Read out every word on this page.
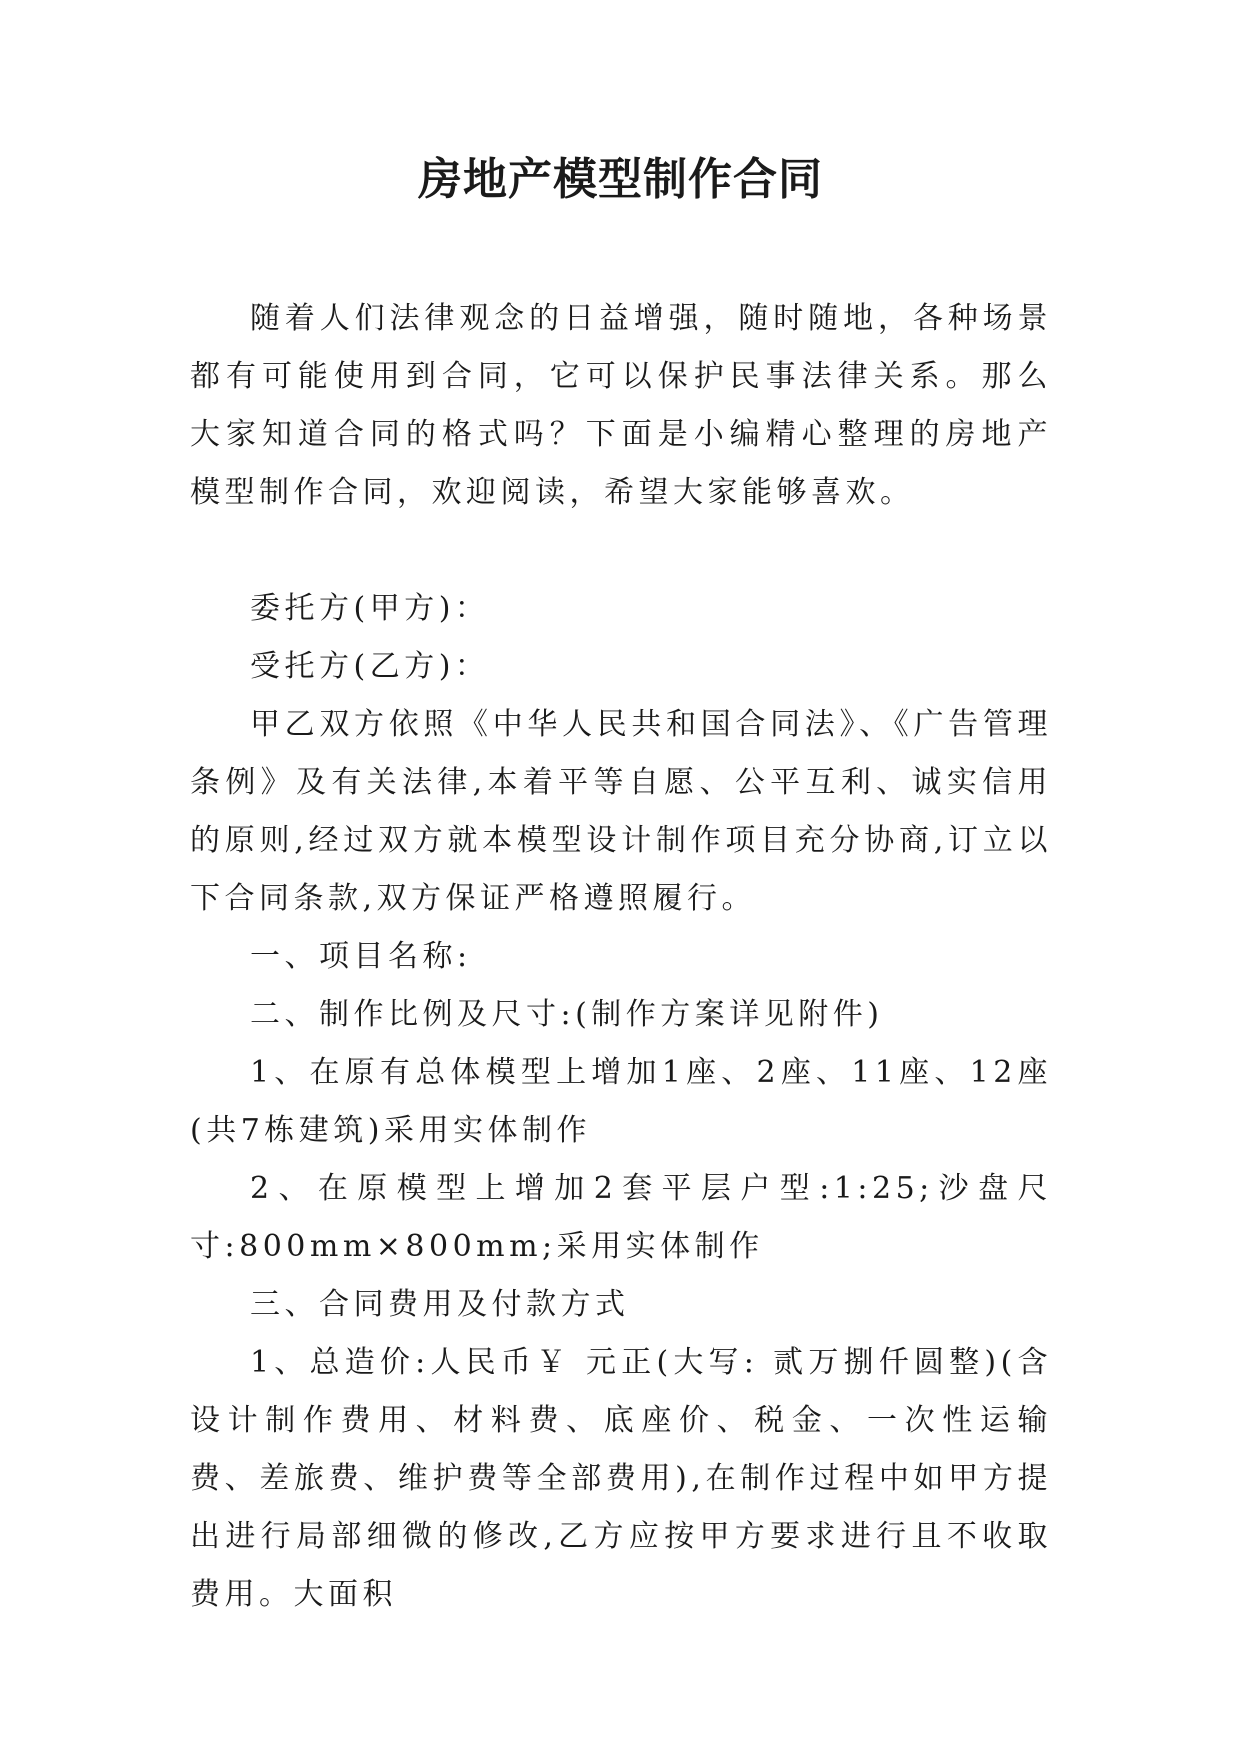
房地产模型制作合同

随着人们法律观念的日益增强，随时随地，各种场景都有可能使用到合同，它可以保护民事法律关系。那么大家知道合同的格式吗？下面是小编精心整理的房地产模型制作合同，欢迎阅读，希望大家能够喜欢。

委托方(甲方)：

受托方(乙方)：

甲乙双方依照《中华人民共和国合同法》、《广告管理条例》及有关法律,本着平等自愿、公平互利、诚实信用的原则,经过双方就本模型设计制作项目充分协商,订立以下合同条款,双方保证严格遵照履行。

一、项目名称:

二、制作比例及尺寸:(制作方案详见附件)

1、在原有总体模型上增加1座、2座、11座、12座(共7栋建筑)采用实体制作

2、在原模型上增加2套平层户型:1:25;沙盘尺寸:800mm×800mm;采用实体制作

三、合同费用及付款方式

1、总造价:人民币￥ 元正(大写: 贰万捌仟圆整)(含设计制作费用、材料费、底座价、税金、一次性运输费、差旅费、维护费等全部费用),在制作过程中如甲方提出进行局部细微的修改,乙方应按甲方要求进行且不收取费用。大面积
